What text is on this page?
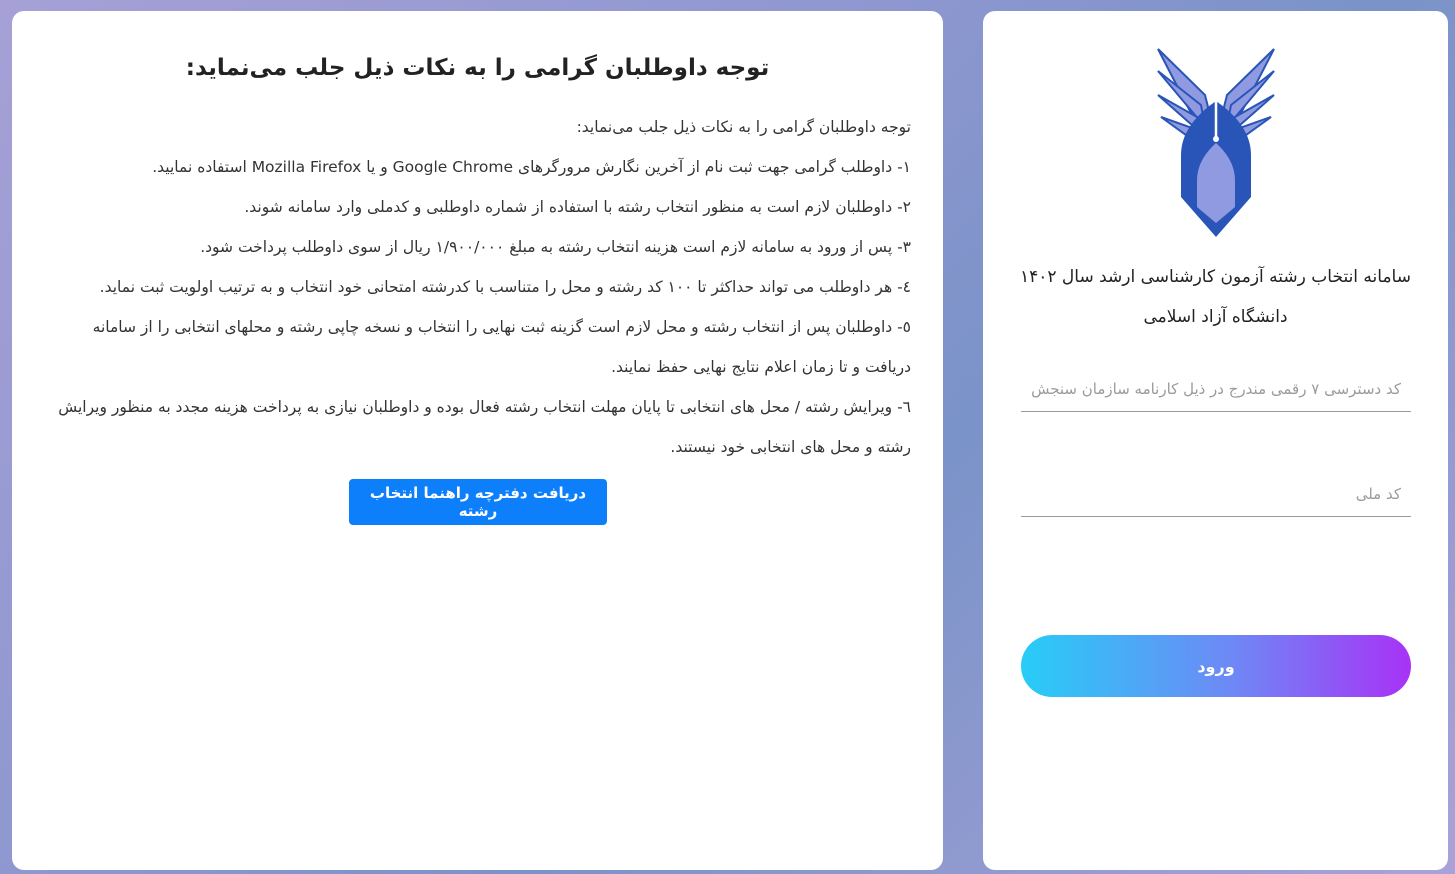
توجه داوطلبان گرامی را به نکات ذیل جلب می‌نماید:

توجه داوطلبان گرامی را به نکات ذیل جلب می‌نماید:

۱- داوطلب گرامی جهت ثبت نام از آخرین نگارش مرورگرهای Google Chrome و یا Mozilla Firefox استفاده نمایید.

۲- داوطلبان لازم است به منظور انتخاب رشته با استفاده از شماره داوطلبی و کدملی وارد سامانه شوند.

۳- پس از ورود به سامانه لازم است هزینه انتخاب رشته به مبلغ ۱/۹۰۰/۰۰۰ ریال از سوی داوطلب پرداخت شود.

٤- هر داوطلب می تواند حداکثر تا ۱۰۰ کد رشته و محل را متناسب با کدرشته امتحانی خود انتخاب و به ترتیب اولویت ثبت نماید.

٥- داوطلبان پس از انتخاب رشته و محل لازم است گزینه ثبت نهایی را انتخاب و نسخه چاپی رشته و محلهای انتخابی را از سامانه دریافت و تا زمان اعلام نتایج نهایی حفظ نمایند.

٦- ویرایش رشته / محل های انتخابی تا پایان مهلت انتخاب رشته فعال بوده و داوطلبان نیازی به پرداخت هزینه مجدد به منظور ویرایش رشته و محل های انتخابی خود نیستند.

دریافت دفترچه راهنما انتخاب رشته
سامانه انتخاب رشته آزمون کارشناسی ارشد سال ۱۴۰۲
دانشگاه آزاد اسلامی
کد دسترسی ۷ رقمی مندرج در ذیل کارنامه سازمان سنجش
کد ملی
ورود
